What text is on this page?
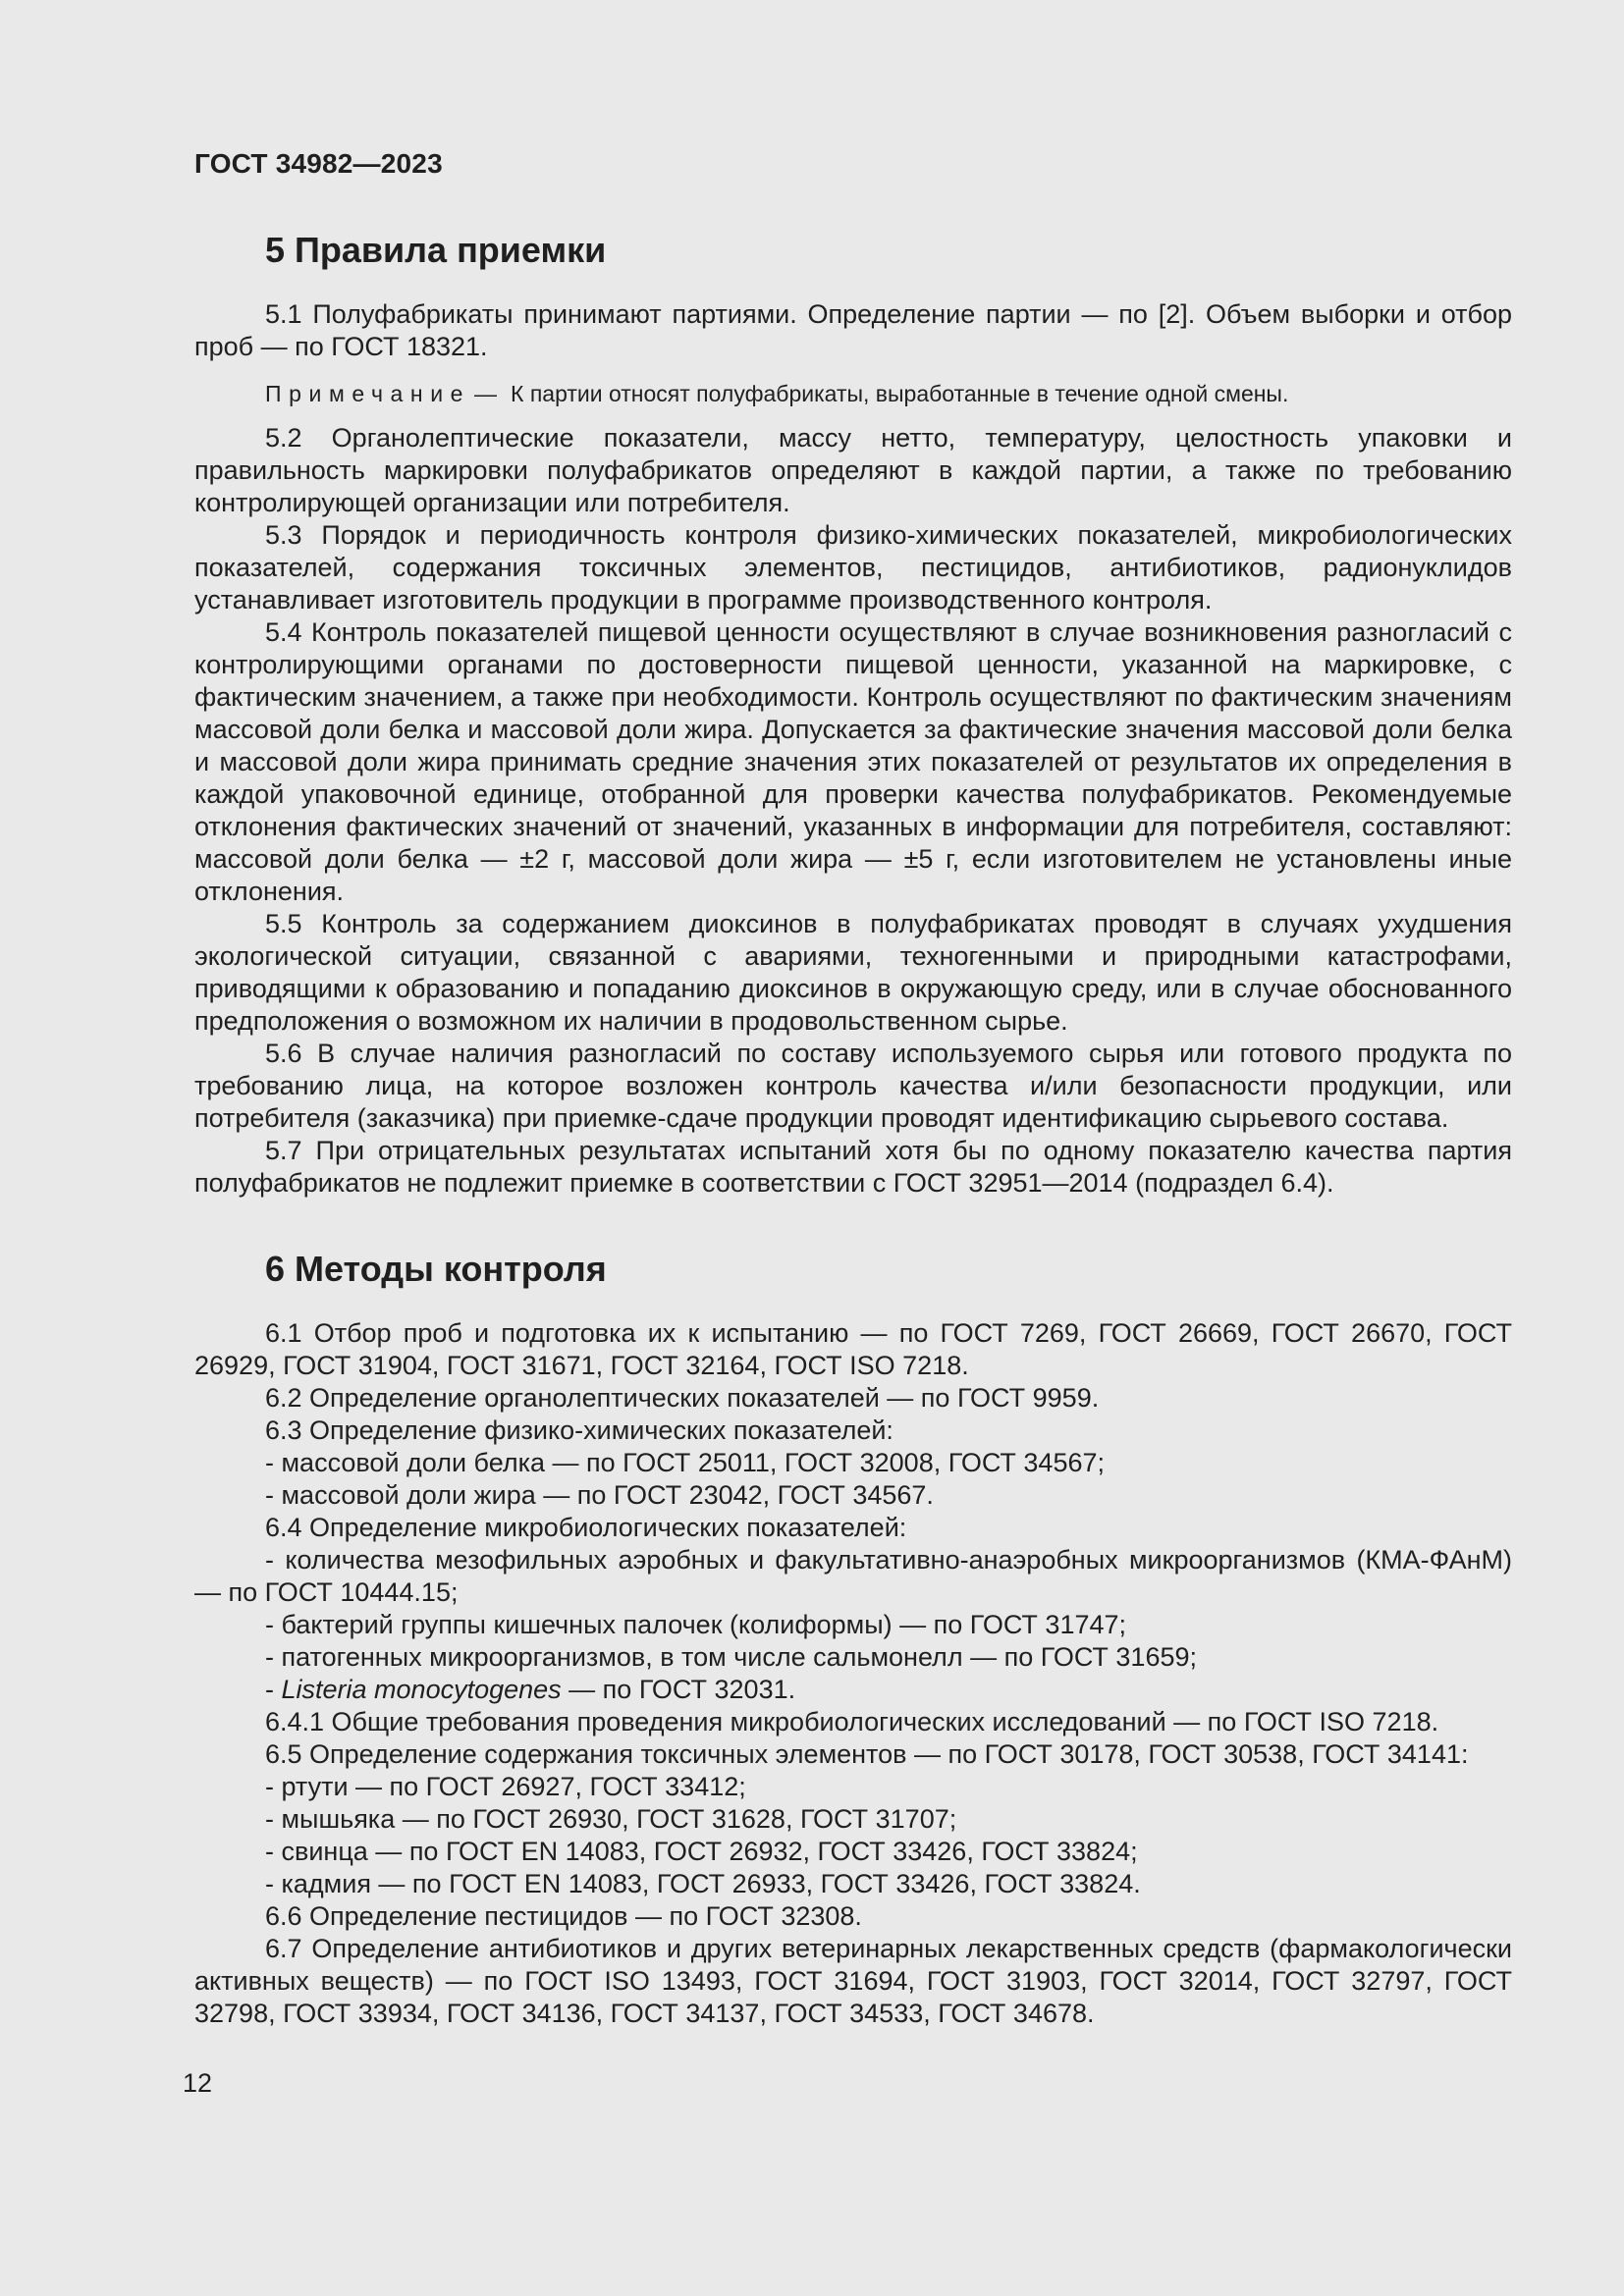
ГОСТ 34982—2023
5 Правила приемки

5.1 Полуфабрикаты принимают партиями. Определение партии — по [2]. Объем выборки и отбор проб — по ГОСТ 18321.

Примечание — К партии относят полуфабрикаты, выработанные в течение одной смены.

5.2 Органолептические показатели, массу нетто, температуру, целостность упаковки и правильность маркировки полуфабрикатов определяют в каждой партии, а также по требованию контролирующей организации или потребителя.

5.3 Порядок и периодичность контроля физико-химических показателей, микробиологических показателей, содержания токсичных элементов, пестицидов, антибиотиков, радионуклидов устанавливает изготовитель продукции в программе производственного контроля.

5.4 Контроль показателей пищевой ценности осуществляют в случае возникновения разногласий с контролирующими органами по достоверности пищевой ценности, указанной на маркировке, с фактическим значением, а также при необходимости. Контроль осуществляют по фактическим значениям массовой доли белка и массовой доли жира. Допускается за фактические значения массовой доли белка и массовой доли жира принимать средние значения этих показателей от результатов их определения в каждой упаковочной единице, отобранной для проверки качества полуфабрикатов. Рекомендуемые отклонения фактических значений от значений, указанных в информации для потребителя, составляют: массовой доли белка — ±2 г, массовой доли жира — ±5 г, если изготовителем не установлены иные отклонения.

5.5 Контроль за содержанием диоксинов в полуфабрикатах проводят в случаях ухудшения экологической ситуации, связанной с авариями, техногенными и природными катастрофами, приводящими к образованию и попаданию диоксинов в окружающую среду, или в случае обоснованного предположения о возможном их наличии в продовольственном сырье.

5.6 В случае наличия разногласий по составу используемого сырья или готового продукта по требованию лица, на которое возложен контроль качества и/или безопасности продукции, или потребителя (заказчика) при приемке-сдаче продукции проводят идентификацию сырьевого состава.

5.7 При отрицательных результатах испытаний хотя бы по одному показателю качества партия полуфабрикатов не подлежит приемке в соответствии с ГОСТ 32951—2014 (подраздел 6.4).

6 Методы контроля

6.1 Отбор проб и подготовка их к испытанию — по ГОСТ 7269, ГОСТ 26669, ГОСТ 26670, ГОСТ 26929, ГОСТ 31904, ГОСТ 31671, ГОСТ 32164, ГОСТ ISO 7218.

6.2 Определение органолептических показателей — по ГОСТ 9959.

6.3 Определение физико-химических показателей:

- массовой доли белка — по ГОСТ 25011, ГОСТ 32008, ГОСТ 34567;

- массовой доли жира — по ГОСТ 23042, ГОСТ 34567.

6.4 Определение микробиологических показателей:

- количества мезофильных аэробных и факультативно-анаэробных микроорганизмов (КМА-ФАнМ) — по ГОСТ 10444.15;

- бактерий группы кишечных палочек (колиформы) — по ГОСТ 31747;

- патогенных микроорганизмов, в том числе сальмонелл — по ГОСТ 31659;

- Listeria monocytogenes — по ГОСТ 32031.

6.4.1 Общие требования проведения микробиологических исследований — по ГОСТ ISO 7218.

6.5 Определение содержания токсичных элементов — по ГОСТ 30178, ГОСТ 30538, ГОСТ 34141:

- ртути — по ГОСТ 26927, ГОСТ 33412;

- мышьяка — по ГОСТ 26930, ГОСТ 31628, ГОСТ 31707;

- свинца — по ГОСТ EN 14083, ГОСТ 26932, ГОСТ 33426, ГОСТ 33824;

- кадмия — по ГОСТ EN 14083, ГОСТ 26933, ГОСТ 33426, ГОСТ 33824.

6.6 Определение пестицидов — по ГОСТ 32308.

6.7 Определение антибиотиков и других ветеринарных лекарственных средств (фармакологически активных веществ) — по ГОСТ ISO 13493, ГОСТ 31694, ГОСТ 31903, ГОСТ 32014, ГОСТ 32797, ГОСТ 32798, ГОСТ 33934, ГОСТ 34136, ГОСТ 34137, ГОСТ 34533, ГОСТ 34678.

12
